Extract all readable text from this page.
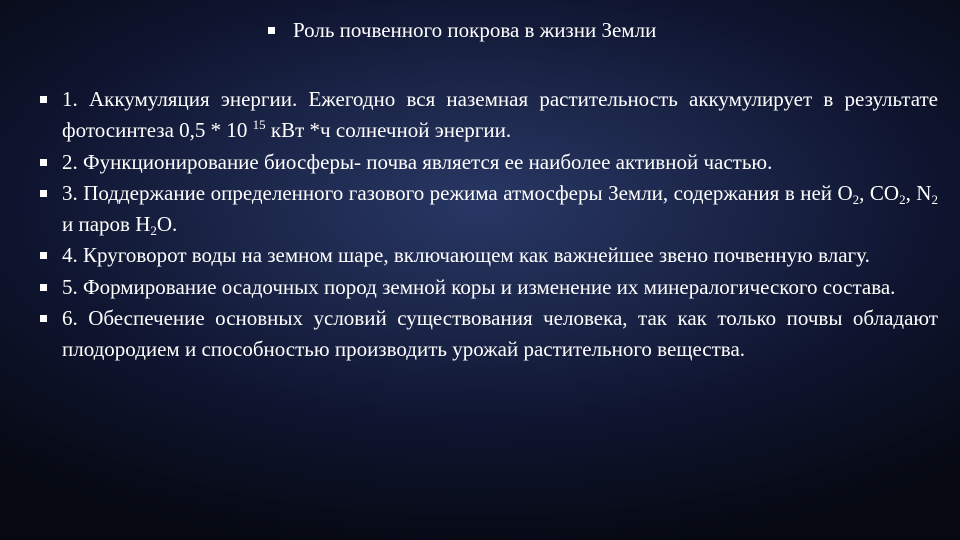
Роль почвенного покрова в жизни Земли
1. Аккумуляция энергии. Ежегодно вся наземная растительность аккумулирует в результате фотосинтеза 0,5 * 10 $^{15}$ кВт *ч солнечной энергии.
2. Функционирование биосферы- почва является ее наиболее активной частью.
3. Поддержание определенного газового режима атмосферы Земли, содержания в ней $О_2$, $СО_2$, $N_2$ и паров $Н_2О$.
4. Круговорот воды на земном шаре, включающем как важнейшее звено почвенную влагу.
5. Формирование осадочных пород земной коры и изменение их минералогического состава.
6. Обеспечение основных условий существования человека, так как только почвы обладают плодородием и способностью производить урожай растительного вещества.
